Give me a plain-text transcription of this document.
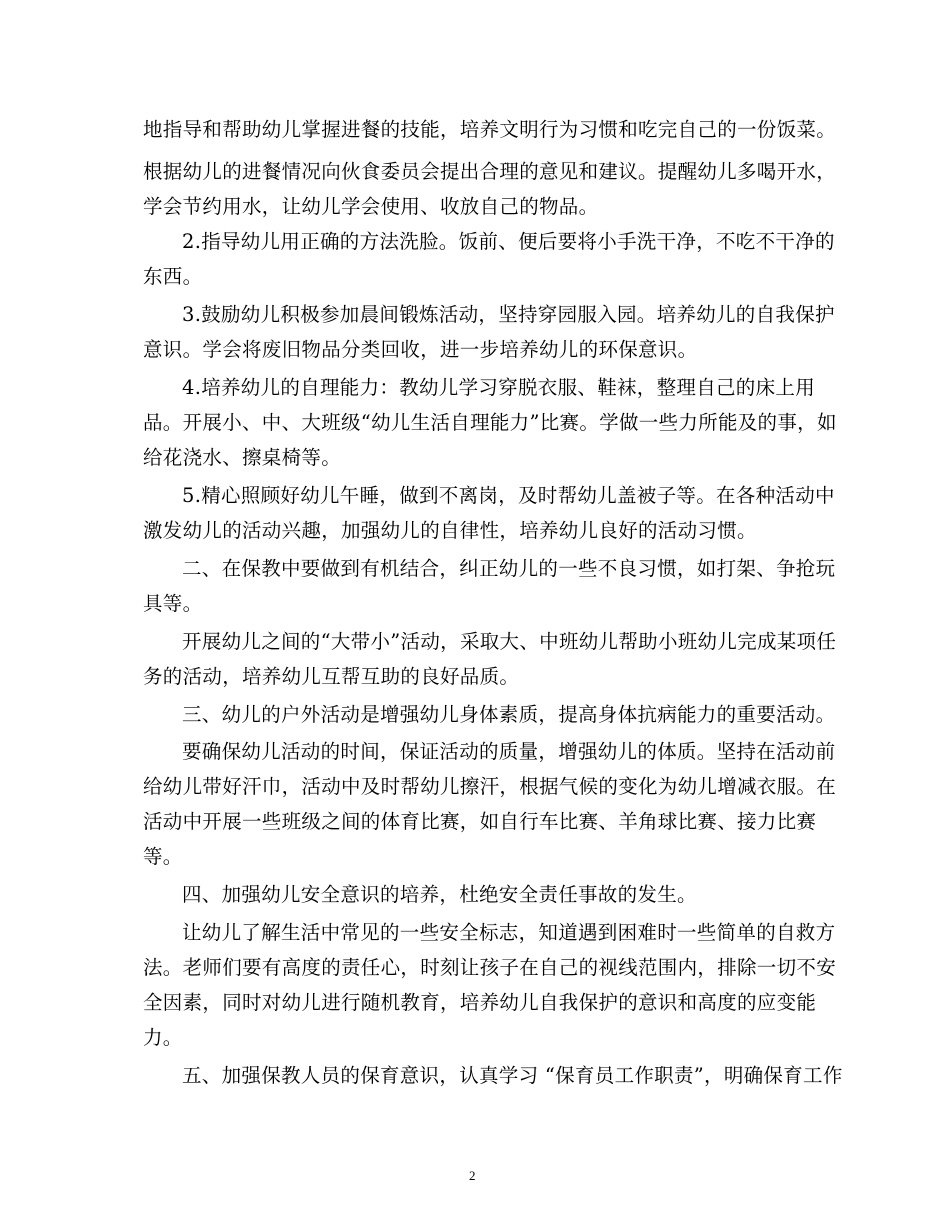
地指导和帮助幼儿掌握进餐的技能，培养文明行为习惯和吃完自己的一份饭菜。
根据幼儿的进餐情况向伙食委员会提出合理的意见和建议。提醒幼儿多喝开水，
学会节约用水，让幼儿学会使用、收放自己的物品。
2.指导幼儿用正确的方法洗脸。饭前、便后要将小手洗干净，不吃不干净的
东西。
3.鼓励幼儿积极参加晨间锻炼活动，坚持穿园服入园。培养幼儿的自我保护
意识。学会将废旧物品分类回收，进一步培养幼儿的环保意识。
4.培养幼儿的自理能力：教幼儿学习穿脱衣服、鞋袜，整理自己的床上用
品。开展小、中、大班级“幼儿生活自理能力”比赛。学做一些力所能及的事，如
给花浇水、擦桌椅等。
5.精心照顾好幼儿午睡，做到不离岗，及时帮幼儿盖被子等。在各种活动中
激发幼儿的活动兴趣，加强幼儿的自律性，培养幼儿良好的活动习惯。
二、在保教中要做到有机结合，纠正幼儿的一些不良习惯，如打架、争抢玩
具等。
开展幼儿之间的“大带小”活动，采取大、中班幼儿帮助小班幼儿完成某项任
务的活动，培养幼儿互帮互助的良好品质。
三、幼儿的户外活动是增强幼儿身体素质，提高身体抗病能力的重要活动。
要确保幼儿活动的时间，保证活动的质量，增强幼儿的体质。坚持在活动前
给幼儿带好汗巾，活动中及时帮幼儿擦汗，根据气候的变化为幼儿增减衣服。在
活动中开展一些班级之间的体育比赛，如自行车比赛、羊角球比赛、接力比赛
等。
四、加强幼儿安全意识的培养，杜绝安全责任事故的发生。
让幼儿了解生活中常见的一些安全标志，知道遇到困难时一些简单的自救方
法。老师们要有高度的责任心，时刻让孩子在自己的视线范围内，排除一切不安
全因素，同时对幼儿进行随机教育，培养幼儿自我保护的意识和高度的应变能
力。
五、加强保教人员的保育意识，认真学习 “保育员工作职责”，明确保育工作
2
